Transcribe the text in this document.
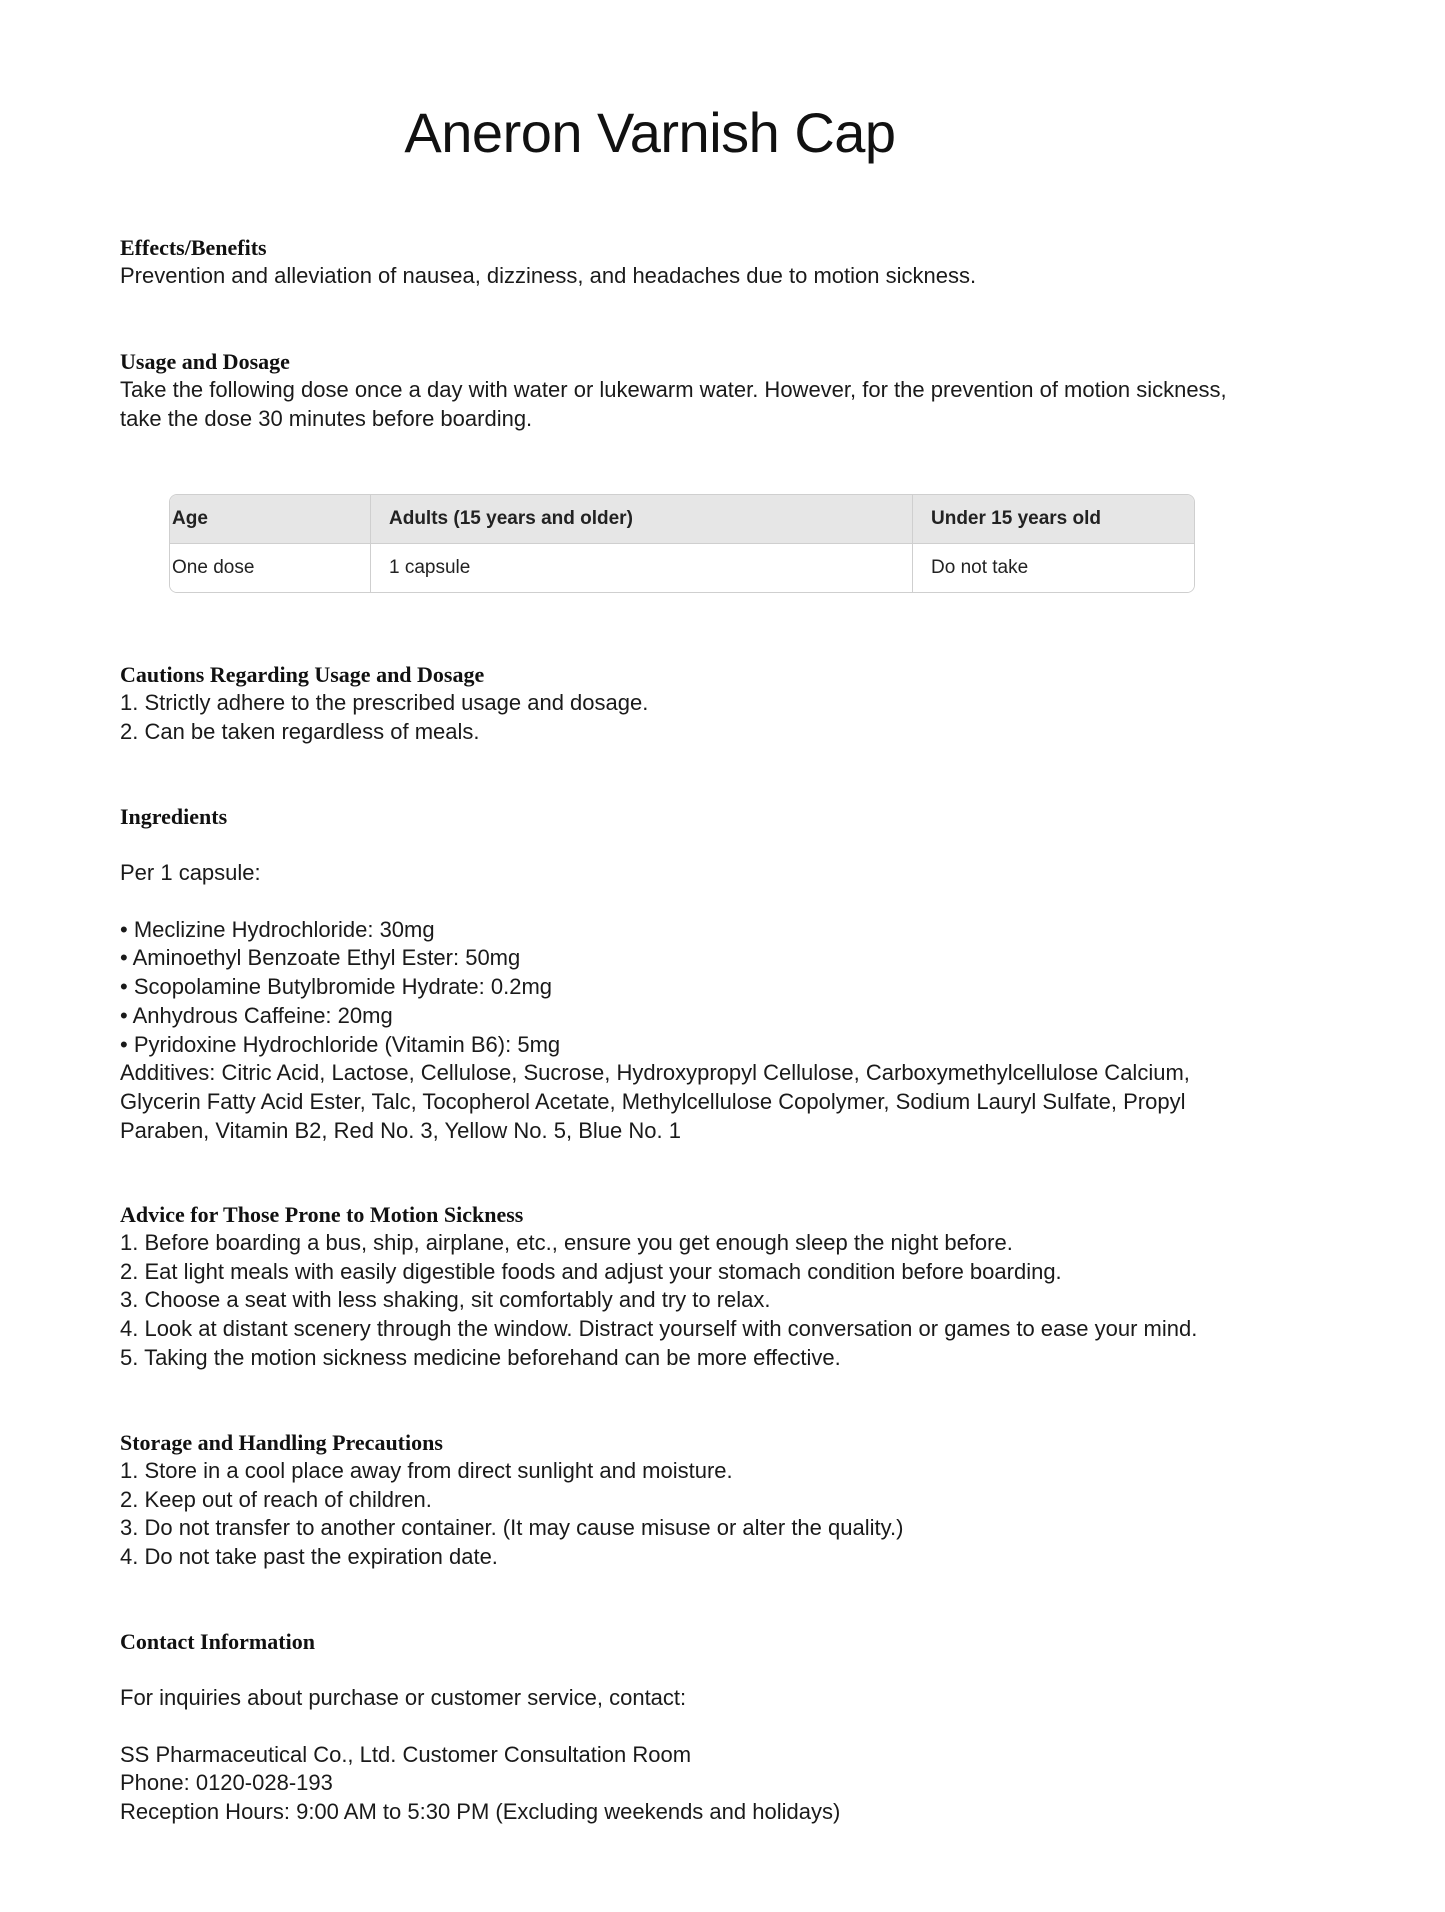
Aneron Varnish Cap

Effects/Benefits

Prevention and alleviation of nausea, dizziness, and headaches due to motion sickness.

Usage and Dosage

Take the following dose once a day with water or lukewarm water. However, for the prevention of motion sickness,

take the dose 30 minutes before boarding.

Age	Adults (15 years and older)	Under 15 years old
One dose	1 capsule	Do not take

Cautions Regarding Usage and Dosage

1. Strictly adhere to the prescribed usage and dosage.

2. Can be taken regardless of meals.

Ingredients

Per 1 capsule:

• Meclizine Hydrochloride: 30mg

• Aminoethyl Benzoate Ethyl Ester: 50mg

• Scopolamine Butylbromide Hydrate: 0.2mg

• Anhydrous Caffeine: 20mg

• Pyridoxine Hydrochloride (Vitamin B6): 5mg

Additives: Citric Acid, Lactose, Cellulose, Sucrose, Hydroxypropyl Cellulose, Carboxymethylcellulose Calcium,

Glycerin Fatty Acid Ester, Talc, Tocopherol Acetate, Methylcellulose Copolymer, Sodium Lauryl Sulfate, Propyl

Paraben, Vitamin B2, Red No. 3, Yellow No. 5, Blue No. 1

Advice for Those Prone to Motion Sickness

1. Before boarding a bus, ship, airplane, etc., ensure you get enough sleep the night before.

2. Eat light meals with easily digestible foods and adjust your stomach condition before boarding.

3. Choose a seat with less shaking, sit comfortably and try to relax.

4. Look at distant scenery through the window. Distract yourself with conversation or games to ease your mind.

5. Taking the motion sickness medicine beforehand can be more effective.

Storage and Handling Precautions

1. Store in a cool place away from direct sunlight and moisture.

2. Keep out of reach of children.

3. Do not transfer to another container. (It may cause misuse or alter the quality.)

4. Do not take past the expiration date.

Contact Information

For inquiries about purchase or customer service, contact:

SS Pharmaceutical Co., Ltd. Customer Consultation Room

Phone: 0120-028-193

Reception Hours: 9:00 AM to 5:30 PM (Excluding weekends and holidays)
